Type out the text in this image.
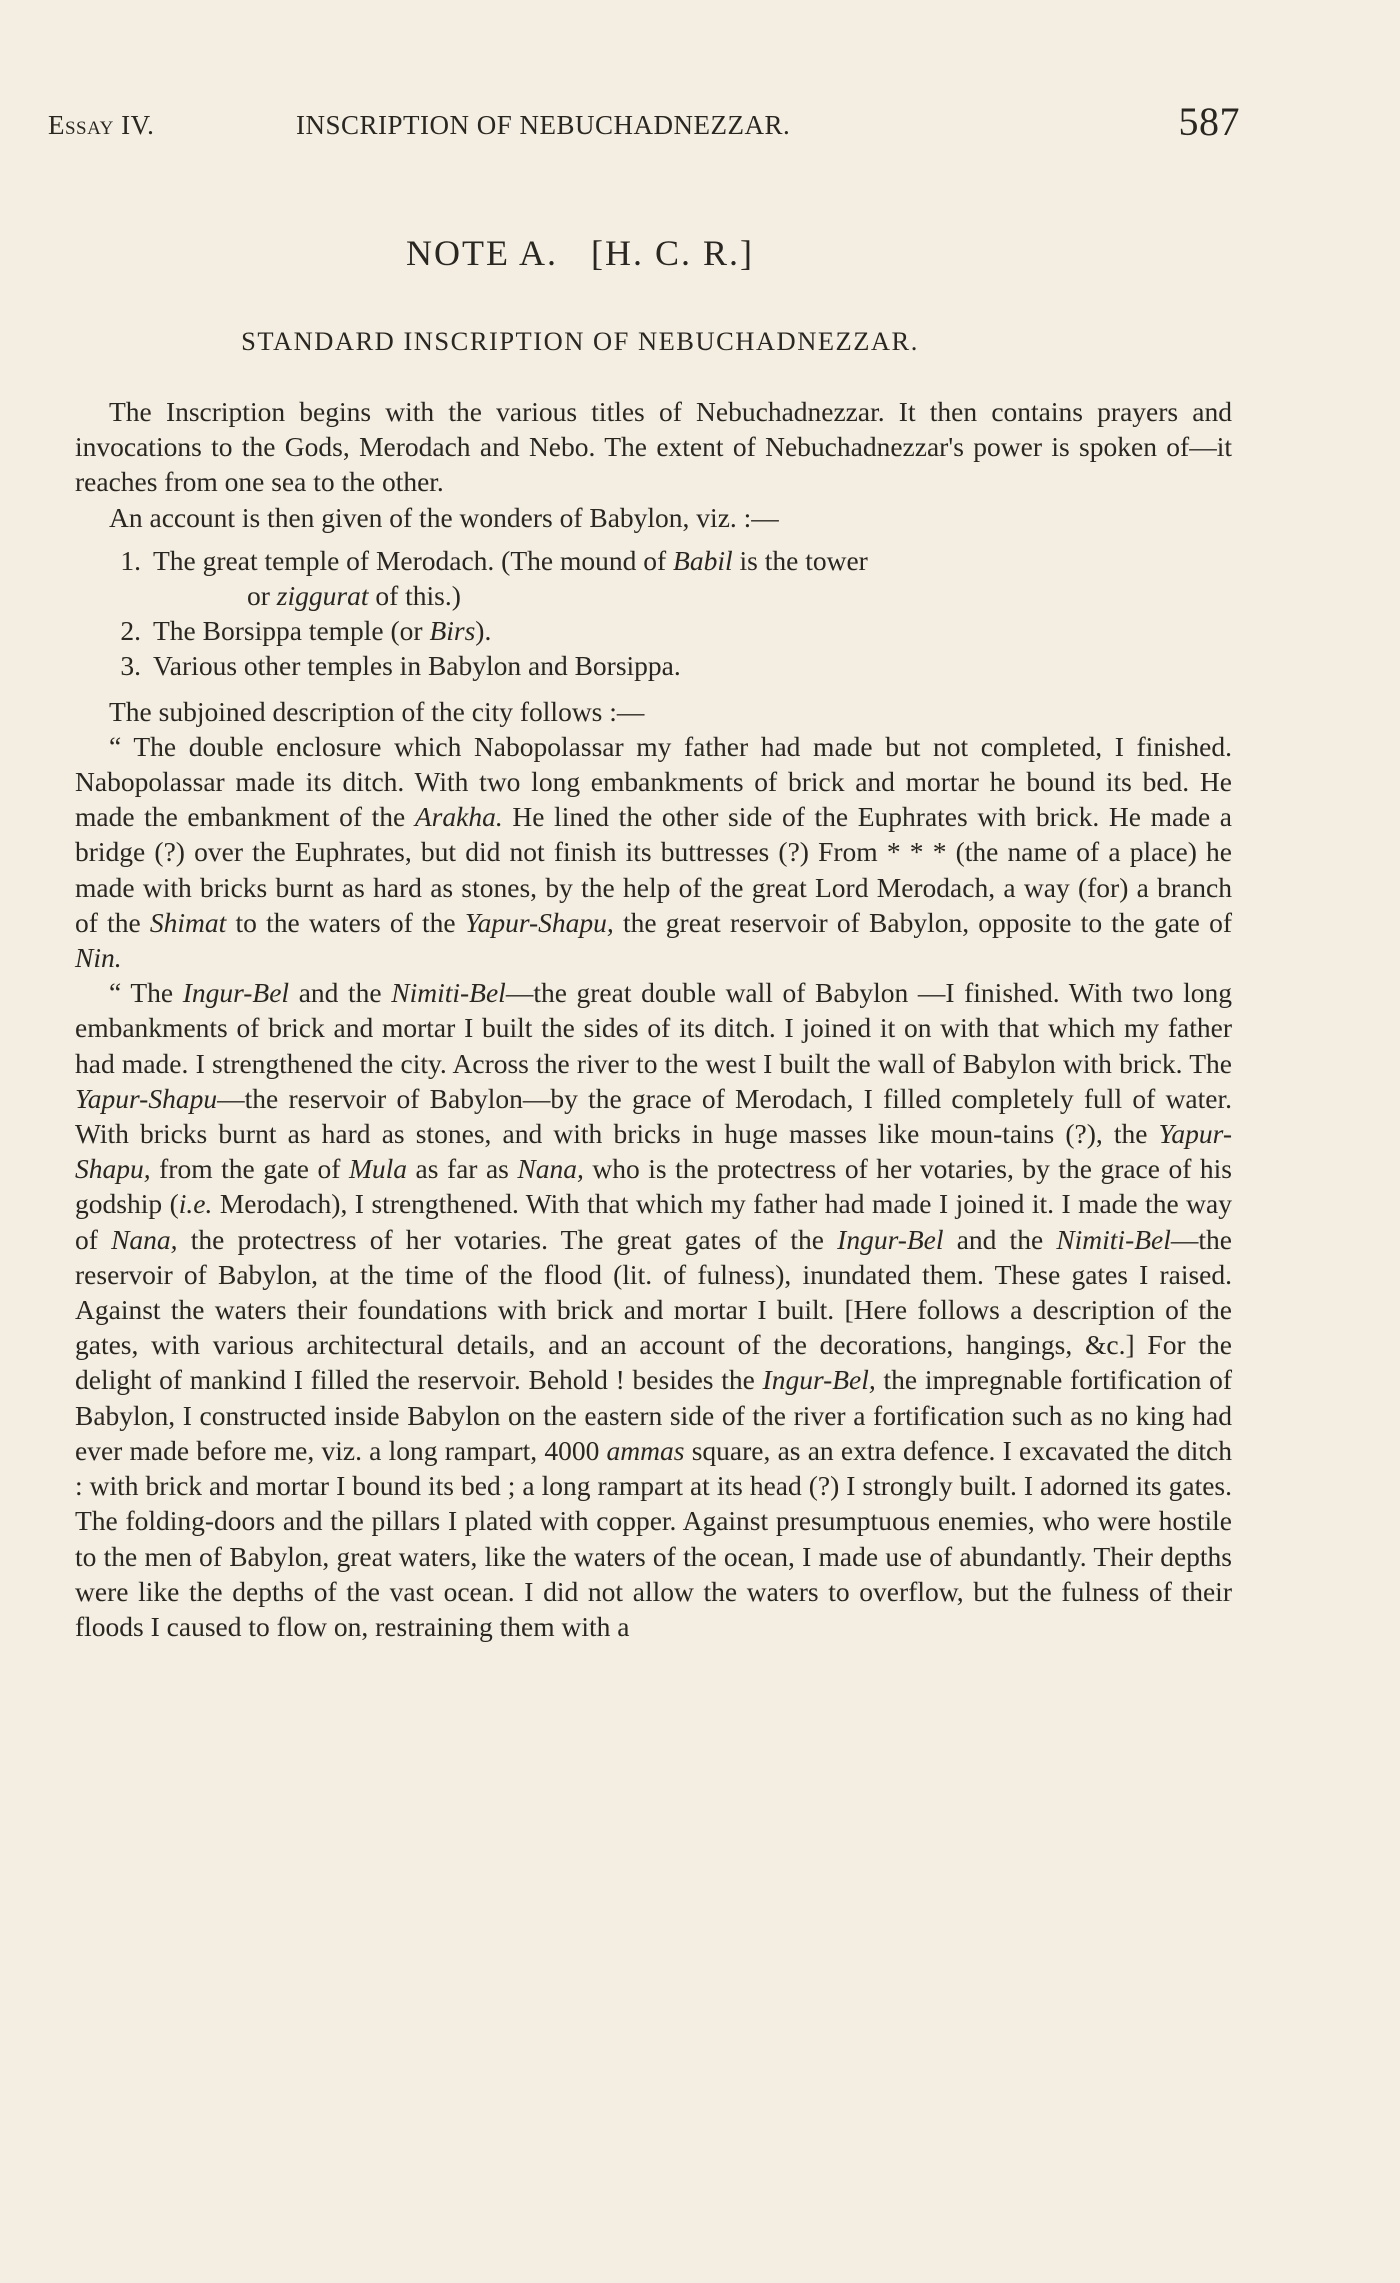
Essay IV.	INSCRIPTION OF NEBUCHADNEZZAR.	587
NOTE A.   [H. C. R.]
STANDARD INSCRIPTION OF NEBUCHADNEZZAR.

The Inscription begins with the various titles of Nebuchadnezzar. It then contains prayers and invocations to the Gods, Merodach and Nebo. The extent of Nebuchadnezzar's power is spoken of—it reaches from one sea to the other.

An account is then given of the wonders of Babylon, viz. :—

1. The great temple of Merodach. (The mound of Babil is the tower
or ziggurat of this.)
2. The Borsippa temple (or Birs).
3. Various other temples in Babylon and Borsippa.

The subjoined description of the city follows :—

“ The double enclosure which Nabopolassar my father had made but not completed, I finished. Nabopolassar made its ditch. With two long embankments of brick and mortar he bound its bed. He made the embankment of the Arakha. He lined the other side of the Euphrates with brick. He made a bridge (?) over the Euphrates, but did not finish its buttresses (?) From * * * (the name of a place) he made with bricks burnt as hard as stones, by the help of the great Lord Merodach, a way (for) a branch of the Shimat to the waters of the Yapur-Shapu, the great reservoir of Babylon, opposite to the gate of Nin.

“ The Ingur-Bel and the Nimiti-Bel—the great double wall of Babylon —I finished. With two long embankments of brick and mortar I built the sides of its ditch. I joined it on with that which my father had made. I strengthened the city. Across the river to the west I built the wall of Babylon with brick. The Yapur-Shapu—the reservoir of Babylon—by the grace of Merodach, I filled completely full of water. With bricks burnt as hard as stones, and with bricks in huge masses like moun-tains (?), the Yapur-Shapu, from the gate of Mula as far as Nana, who is the protectress of her votaries, by the grace of his godship (i.e. Merodach), I strengthened. With that which my father had made I joined it. I made the way of Nana, the protectress of her votaries. The great gates of the Ingur-Bel and the Nimiti-Bel—the reservoir of Babylon, at the time of the flood (lit. of fulness), inundated them. These gates I raised. Against the waters their foundations with brick and mortar I built. [Here follows a description of the gates, with various architectural details, and an account of the decorations, hangings, &c.] For the delight of mankind I filled the reservoir. Behold ! besides the Ingur-Bel, the impregnable fortification of Babylon, I constructed inside Babylon on the eastern side of the river a fortification such as no king had ever made before me, viz. a long rampart, 4000 ammas square, as an extra defence. I excavated the ditch : with brick and mortar I bound its bed ; a long rampart at its head (?) I strongly built. I adorned its gates. The folding-doors and the pillars I plated with copper. Against presumptuous enemies, who were hostile to the men of Babylon, great waters, like the waters of the ocean, I made use of abundantly. Their depths were like the depths of the vast ocean. I did not allow the waters to overflow, but the fulness of their floods I caused to flow on, restraining them with a
